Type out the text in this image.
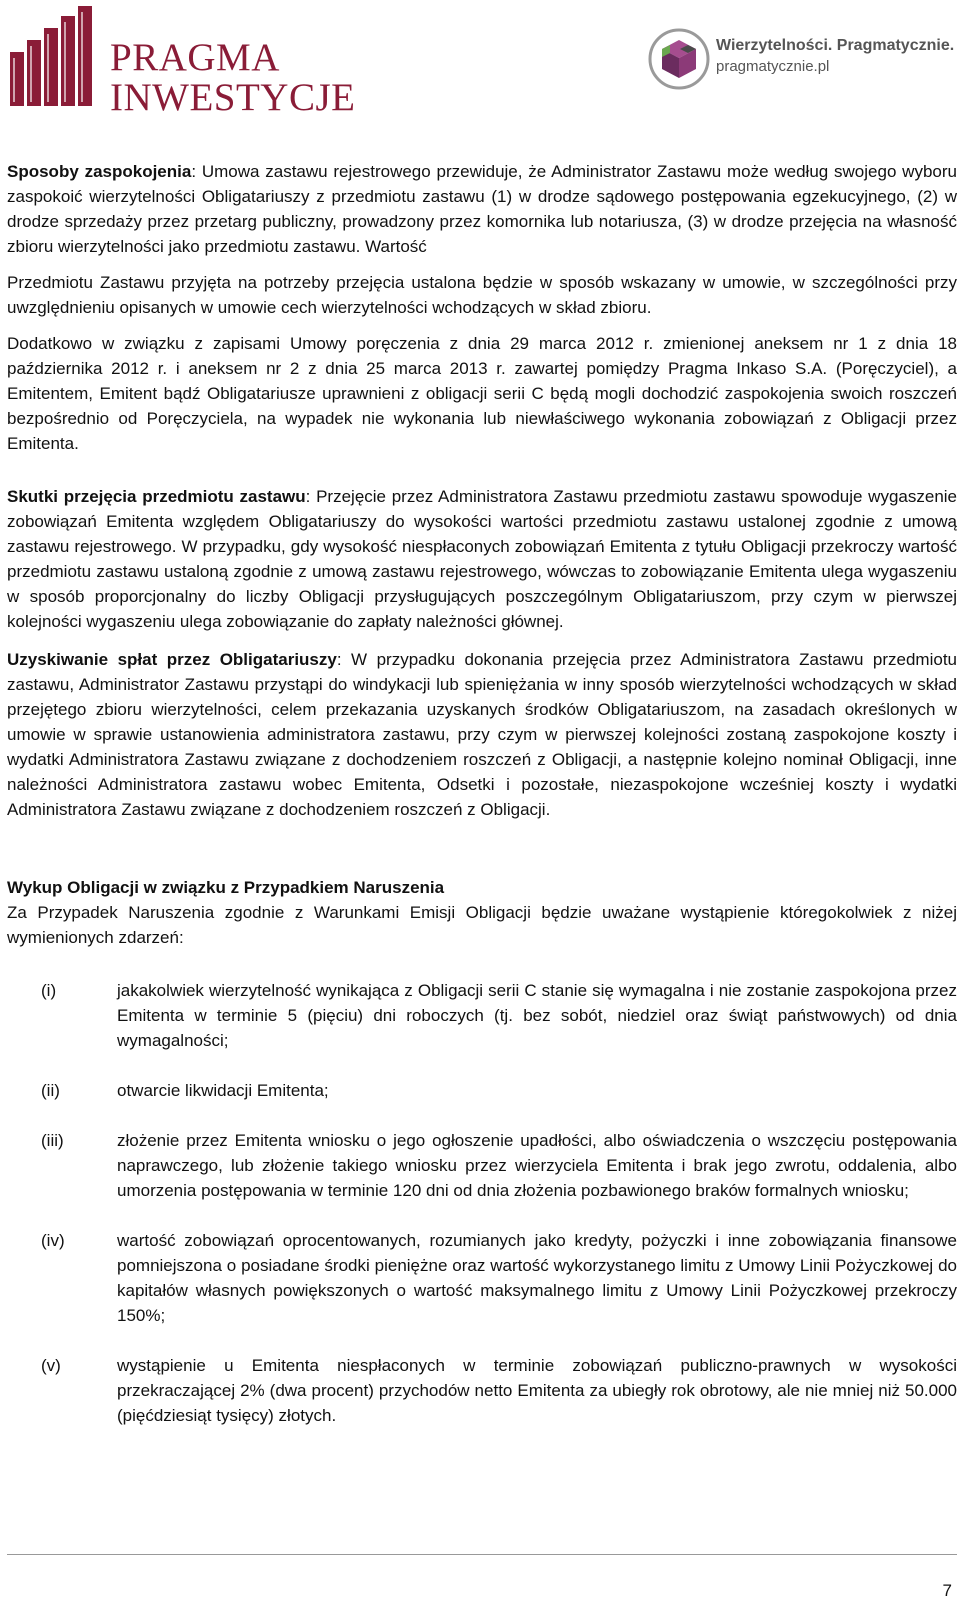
PRAGMA
INWESTYCJE
Wierzytelności. Pragmatycznie.
pragmatycznie.pl

Sposoby zaspokojenia: Umowa zastawu rejestrowego przewiduje, że Administrator Zastawu może według swojego wyboru zaspokoić wierzytelności Obligatariuszy z przedmiotu zastawu (1) w drodze sądowego postępowania egzekucyjnego, (2) w drodze sprzedaży przez przetarg publiczny, prowadzony przez komornika lub notariusza, (3) w drodze przejęcia na własność zbioru wierzytelności jako przedmiotu zastawu. Wartość

Przedmiotu Zastawu przyjęta na potrzeby przejęcia ustalona będzie w sposób wskazany w umowie, w szczególności przy uwzględnieniu opisanych w umowie cech wierzytelności wchodzących w skład zbioru.

Dodatkowo w związku z zapisami Umowy poręczenia z dnia 29 marca 2012 r. zmienionej aneksem nr 1 z dnia 18 października 2012 r. i aneksem nr 2 z dnia 25 marca 2013 r. zawartej pomiędzy Pragma Inkaso S.A. (Poręczyciel), a Emitentem, Emitent bądź Obligatariusze uprawnieni z obligacji serii C będą mogli dochodzić zaspokojenia swoich roszczeń bezpośrednio od Poręczyciela, na wypadek nie wykonania lub niewłaściwego wykonania zobowiązań z Obligacji przez Emitenta.

Skutki przejęcia przedmiotu zastawu: Przejęcie przez Administratora Zastawu przedmiotu zastawu spowoduje wygaszenie zobowiązań Emitenta względem Obligatariuszy do wysokości wartości przedmiotu zastawu ustalonej zgodnie z umową zastawu rejestrowego. W przypadku, gdy wysokość niespłaconych zobowiązań Emitenta z tytułu Obligacji przekroczy wartość przedmiotu zastawu ustaloną zgodnie z umową zastawu rejestrowego, wówczas to zobowiązanie Emitenta ulega wygaszeniu w sposób proporcjonalny do liczby Obligacji przysługujących poszczególnym Obligatariuszom, przy czym w pierwszej kolejności wygaszeniu ulega zobowiązanie do zapłaty należności głównej.

Uzyskiwanie spłat przez Obligatariuszy: W przypadku dokonania przejęcia przez Administratora Zastawu przedmiotu zastawu, Administrator Zastawu przystąpi do windykacji lub spieniężania w inny sposób wierzytelności wchodzących w skład przejętego zbioru wierzytelności, celem przekazania uzyskanych środków Obligatariuszom, na zasadach określonych w umowie w sprawie ustanowienia administratora zastawu, przy czym w pierwszej kolejności zostaną zaspokojone koszty i wydatki Administratora Zastawu związane z dochodzeniem roszczeń z Obligacji, a następnie kolejno nominał Obligacji, inne należności Administratora zastawu wobec Emitenta, Odsetki i pozostałe, niezaspokojone wcześniej koszty i wydatki Administratora Zastawu związane z dochodzeniem roszczeń z Obligacji.

Wykup Obligacji w związku z Przypadkiem Naruszenia

Za Przypadek Naruszenia zgodnie z Warunkami Emisji Obligacji będzie uważane wystąpienie któregokolwiek z niżej wymienionych zdarzeń:

(i)	jakakolwiek wierzytelność wynikająca z Obligacji serii C stanie się wymagalna i nie zostanie zaspokojona przez Emitenta w terminie 5 (pięciu) dni roboczych (tj. bez sobót, niedziel oraz świąt państwowych) od dnia wymagalności;
(ii)	otwarcie likwidacji Emitenta;
(iii)	złożenie przez Emitenta wniosku o jego ogłoszenie upadłości, albo oświadczenia o wszczęciu postępowania naprawczego, lub złożenie takiego wniosku przez wierzyciela Emitenta i brak jego zwrotu, oddalenia, albo umorzenia postępowania w terminie 120 dni od dnia złożenia pozbawionego braków formalnych wniosku;
(iv)	wartość zobowiązań oprocentowanych, rozumianych jako kredyty, pożyczki i inne zobowiązania finansowe pomniejszona o posiadane środki pieniężne oraz wartość wykorzystanego limitu z Umowy Linii Pożyczkowej do kapitałów własnych powiększonych o wartość maksymalnego limitu z Umowy Linii Pożyczkowej przekroczy 150%;
(v)	wystąpienie u Emitenta niespłaconych w terminie zobowiązań publiczno-prawnych w wysokości przekraczającej 2% (dwa procent) przychodów netto Emitenta za ubiegły rok obrotowy, ale nie mniej niż 50.000 (pięćdziesiąt tysięcy) złotych.
7
